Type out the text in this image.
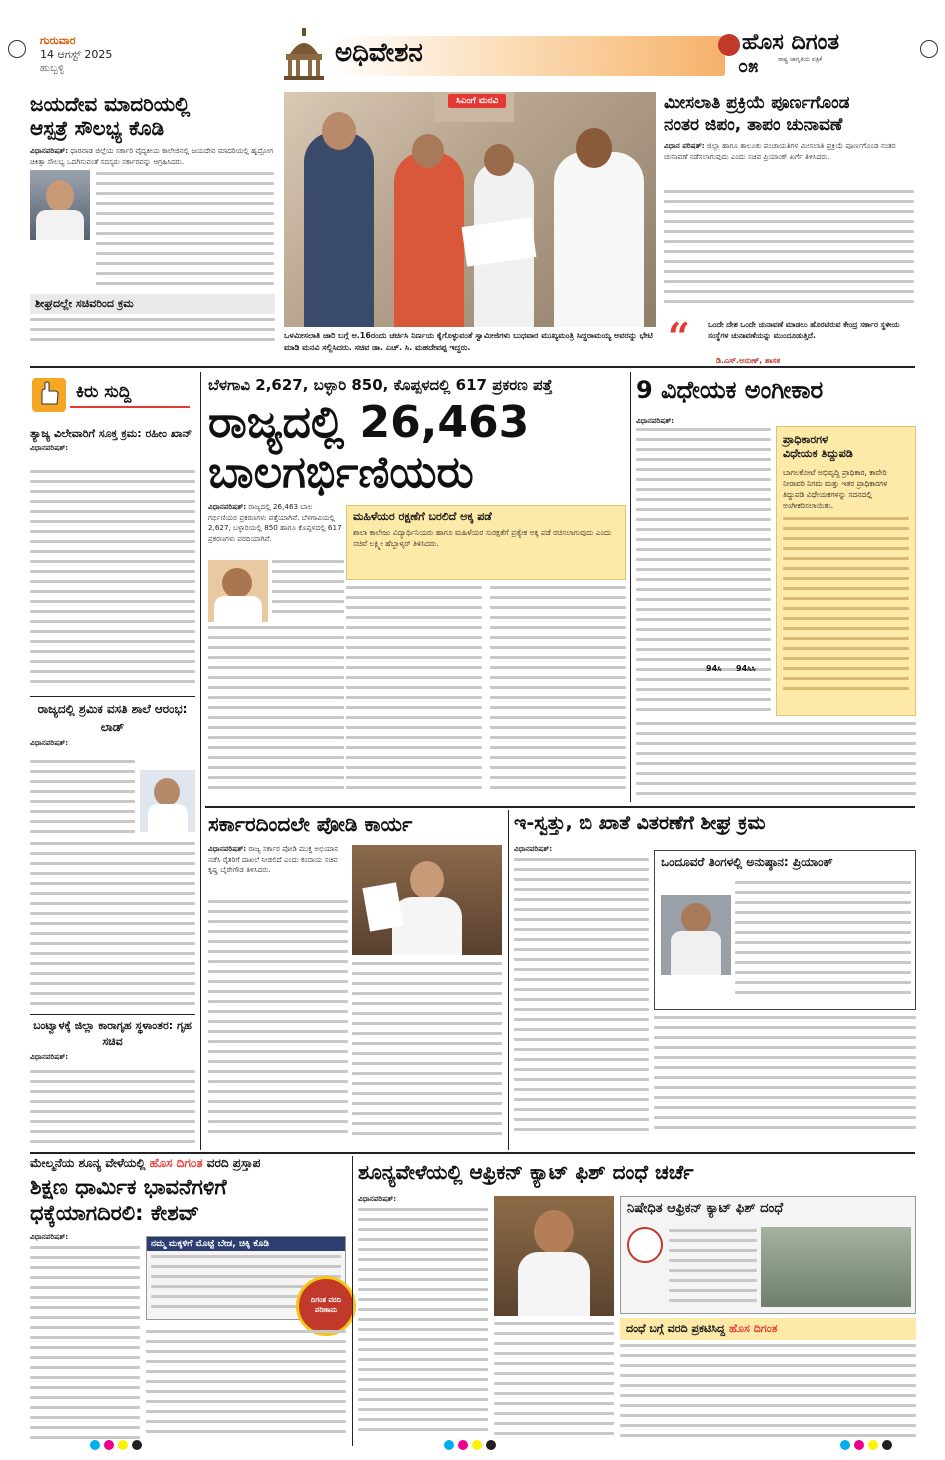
ಗುರುವಾರ
14 ಆಗಸ್ಟ್ 2025
ಹುಬ್ಬಳ್ಳಿ
ಅಧಿವೇಶನ	ಹೊಸ ದಿಗಂತ
ರಾಷ್ಟ್ರ ಜಾಗೃತಿಯ ಪತ್ರಿಕೆ
೦೫
ಜಯದೇವ ಮಾದರಿಯಲ್ಲಿ
ಆಸ್ಪತ್ರೆ ಸೌಲಭ್ಯ ಕೊಡಿ
ವಿಧಾನಪರಿಷತ್: ಧಾರವಾಡ ಜಿಲ್ಲೆಯ ಸರ್ಕಾರಿ ವೈದ್ಯಕೀಯ ಕಾಲೇಜಿನಲ್ಲಿ ಜಯದೇವ ಮಾದರಿಯಲ್ಲಿ ಹೃದ್ರೋಗ ಚಿಕಿತ್ಸಾ ಸೌಲಭ್ಯ ಒದಗಿಸುವಂತೆ ಸದಸ್ಯರು ಸರ್ಕಾರವನ್ನು ಆಗ್ರಹಿಸಿದರು.
ಶೀಘ್ರದಲ್ಲೇ ಸಚಿವರಿಂದ ಕ್ರಮ
ಸಿಎಂಗೆ ಮನವಿ
ಒಳಮೀಸಲಾತಿ ಜಾರಿ ಬಗ್ಗೆ ಆ.16ರಂದು ಚರ್ಚಿಸಿ ನಿರ್ಣಯ ಕೈಗೊಳ್ಳುವಂತೆ ಸ್ವಾಮೀಜಿಗಳು ಬುಧವಾರ ಮುಖ್ಯಮಂತ್ರಿ ಸಿದ್ದರಾಮಯ್ಯ ಅವರನ್ನು ಭೇಟಿ ಮಾಡಿ ಮನವಿ ಸಲ್ಲಿಸಿದರು. ಸಚಿವ ಡಾ. ಎಚ್. ಸಿ. ಮಹದೇವಪ್ಪ ಇದ್ದರು.
ಮೀಸಲಾತಿ ಪ್ರಕ್ರಿಯೆ ಪೂರ್ಣಗೊಂಡ
ನಂತರ ಜಿಪಂ, ತಾಪಂ ಚುನಾವಣೆ
ವಿಧಾನ ಪರಿಷತ್: ಜಿಲ್ಲಾ ಹಾಗೂ ತಾಲೂಕು ಪಂಚಾಯತಿಗಳ ಮೀಸಲಾತಿ ಪ್ರಕ್ರಿಯೆ ಪೂರ್ಣಗೊಂಡ ನಂತರ ಚುನಾವಣೆ ನಡೆಸಲಾಗುವುದು ಎಂದು ಸಚಿವ ಪ್ರಿಯಾಂಕ್ ಖರ್ಗೆ ತಿಳಿಸಿದರು.
“ ಒಂದೇ ದೇಶ ಒಂದೇ ಚುನಾವಣೆ ಮಾಡಲು ಹೊರಟಿರುವ ಕೇಂದ್ರ ಸರ್ಕಾರ ಸ್ಥಳೀಯ ಸಂಸ್ಥೆಗಳ ಚುನಾವಣೆಯನ್ನು ಮುಂದೂಡುತ್ತಿದೆ.
ಡಿ.ಎಸ್.ಅರುಣ್, ಶಾಸಕ
ಕಿರು ಸುದ್ದಿ
ತ್ಯಾಜ್ಯ ವಿಲೇವಾರಿಗೆ ಸೂಕ್ತ ಕ್ರಮ: ರಹೀಂ ಖಾನ್
ವಿಧಾನಪರಿಷತ್:
ರಾಜ್ಯದಲ್ಲಿ ಶ್ರಮಿಕ ವಸತಿ ಶಾಲೆ ಆರಂಭ: ಲಾಡ್
ವಿಧಾನಪರಿಷತ್:
ಬಂಟ್ವಾಳಕ್ಕೆ ಜಿಲ್ಲಾ ಕಾರಾಗೃಹ ಸ್ಥಳಾಂತರ: ಗೃಹ ಸಚಿವ
ವಿಧಾನಪರಿಷತ್:
ಬೆಳಗಾವಿ 2,627, ಬಳ್ಳಾರಿ 850, ಕೊಪ್ಪಳದಲ್ಲಿ 617 ಪ್ರಕರಣ ಪತ್ತೆ
ರಾಜ್ಯದಲ್ಲಿ 26,463
ಬಾಲಗರ್ಭಿಣಿಯರು
ವಿಧಾನಪರಿಷತ್: ರಾಜ್ಯದಲ್ಲಿ 26,463 ಬಾಲ ಗರ್ಭಿಣಿಯರ ಪ್ರಕರಣಗಳು ಪತ್ತೆಯಾಗಿವೆ. ಬೆಳಗಾವಿಯಲ್ಲಿ 2,627, ಬಳ್ಳಾರಿಯಲ್ಲಿ 850 ಹಾಗೂ ಕೊಪ್ಪಳದಲ್ಲಿ 617 ಪ್ರಕರಣಗಳು ವರದಿಯಾಗಿವೆ.
ಮಹಿಳೆಯರ ರಕ್ಷಣೆಗೆ ಬರಲಿದೆ ಅಕ್ಕ ಪಡೆ
ಶಾಲಾ ಕಾಲೇಜು ವಿದ್ಯಾರ್ಥಿನಿಯರು ಹಾಗೂ ಮಹಿಳೆಯರ ಸುರಕ್ಷತೆಗೆ ಪ್ರತ್ಯೇಕ ಅಕ್ಕ ಪಡೆ ರಚಿಸಲಾಗುವುದು ಎಂದು ಸಚಿವೆ ಲಕ್ಷ್ಮೀ ಹೆಬ್ಬಾಳ್ಕರ್ ತಿಳಿಸಿದರು.
9 ವಿಧೇಯಕ ಅಂಗೀಕಾರ
ವಿಧಾನಪರಿಷತ್:
94ಸಿ 94ಸಿಸಿ
ಪ್ರಾಧಿಕಾರಗಳ
ವಿಧೇಯಕ ತಿದ್ದುಪಡಿ
ಬಾಗಲಕೋಟೆ ಅಭಿವೃದ್ಧಿ ಪ್ರಾಧಿಕಾರ, ಕಾವೇರಿ ನೀರಾವರಿ ನಿಗಮ ಮತ್ತು ಇತರ ಪ್ರಾಧಿಕಾರಗಳ ತಿದ್ದುಪಡಿ ವಿಧೇಯಕಗಳನ್ನು ಸದನದಲ್ಲಿ ಅಂಗೀಕರಿಸಲಾಯಿತು.
ಸರ್ಕಾರದಿಂದಲೇ ಪೋಡಿ ಕಾರ್ಯ
ವಿಧಾನಪರಿಷತ್: ರಾಜ್ಯ ಸರ್ಕಾರ ಪೋಡಿ ಮುಕ್ತ ಅಭಿಯಾನ ನಡೆಸಿ ರೈತರಿಗೆ ದಾಖಲೆ ನೀಡಲಿದೆ ಎಂದು ಕಂದಾಯ ಸಚಿವ ಕೃಷ್ಣ ಬೈರೇಗೌಡ ತಿಳಿಸಿದರು.
ಇ-ಸ್ವತ್ತು, ಬಿ ಖಾತೆ ವಿತರಣೆಗೆ ಶೀಘ್ರ ಕ್ರಮ
ವಿಧಾನಪರಿಷತ್:
ಒಂದೂವರೆ ತಿಂಗಳಲ್ಲಿ ಅನುಷ್ಠಾನ: ಪ್ರಿಯಾಂಕ್
ಮೇಲ್ಮನೆಯ ಶೂನ್ಯ ವೇಳೆಯಲ್ಲಿ ಹೊಸ ದಿಗಂತ ವರದಿ ಪ್ರಸ್ತಾಪ
ಶಿಕ್ಷಣ ಧಾರ್ಮಿಕ ಭಾವನೆಗಳಿಗೆ
ಧಕ್ಕೆಯಾಗದಿರಲಿ: ಕೇಶವ್
ವಿಧಾನಪರಿಷತ್:
ನಮ್ಮ ಮಕ್ಕಳಿಗೆ ಮೊಟ್ಟೆ ಬೇಡ, ಚಿಕ್ಕಿ ಕೊಡಿ
ದಿಗಂತ ವರದಿ ಪರಿಣಾಮ
ಶೂನ್ಯವೇಳೆಯಲ್ಲಿ ಆಫ್ರಿಕನ್ ಕ್ಯಾಟ್ ಫಿಶ್ ದಂಧೆ ಚರ್ಚೆ
ವಿಧಾನಪರಿಷತ್:
ನಿಷೇಧಿತ ಆಫ್ರಿಕನ್ ಕ್ಯಾಟ್ ಫಿಶ್ ದಂಧೆ
ದಂಧೆ ಬಗ್ಗೆ ವರದಿ ಪ್ರಕಟಿಸಿದ್ದ ಹೊಸ ದಿಗಂತ
